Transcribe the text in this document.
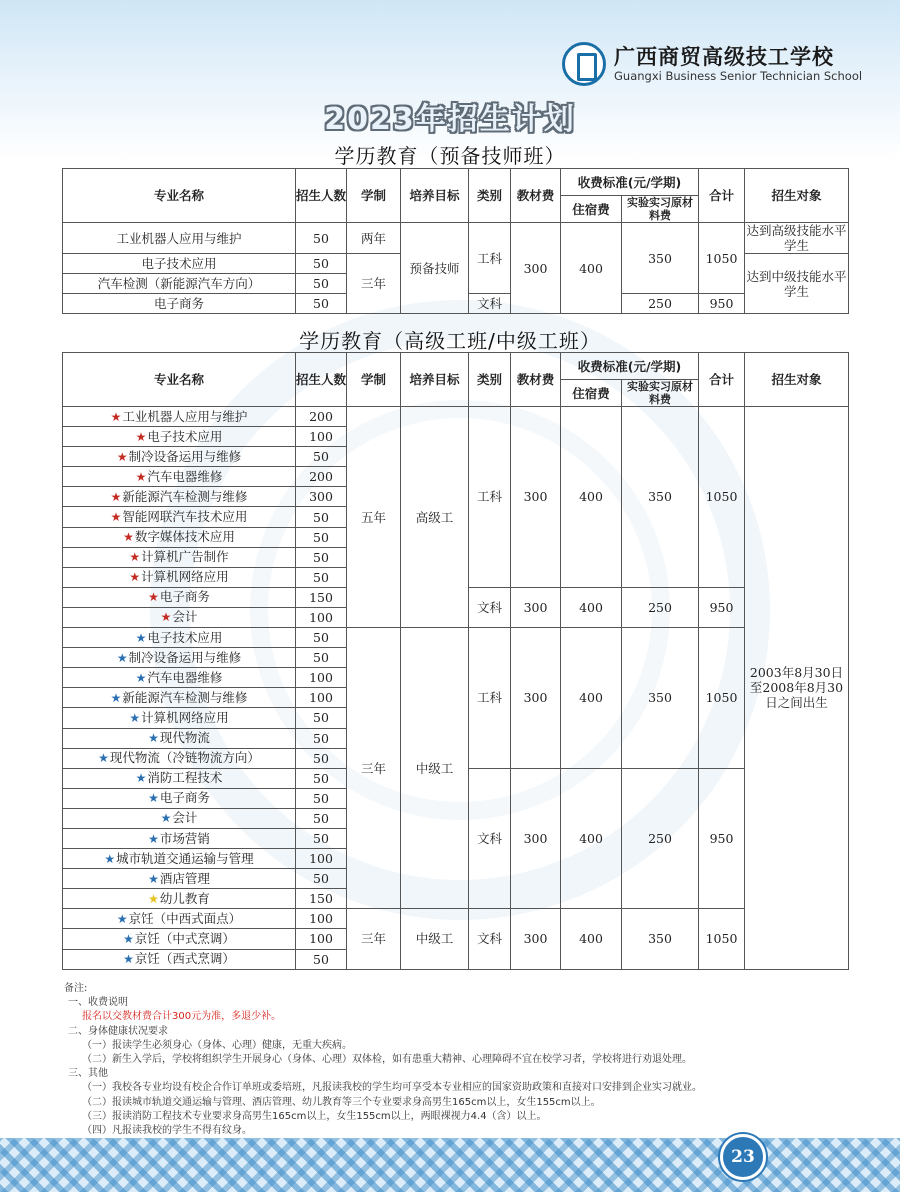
广西商贸高级技工学校
Guangxi Business Senior Technician School
2023年招生计划
学历教育（预备技师班）
专业名称	招生人数	学制	培养目标	类别	教材费	收费标准(元/学期)		合计	招生对象
						住宿费	实验实习原材料费		
工业机器人应用与维护	50	两年	预备技师	工科	300	400	350	1050	达到高级技能水平学生
电子技术应用	50	三年							达到中级技能水平学生
汽车检测（新能源汽车方向）	50								
电子商务	50			文科			250	950	
学历教育（高级工班/中级工班）
专业名称	招生人数	学制	培养目标	类别	教材费	收费标准(元/学期)		合计	招生对象
						住宿费	实验实习原材料费		
★工业机器人应用与维护	200	五年	高级工	工科	300	400	350	1050	2003年8月30日至2008年8月30日之间出生
★电子技术应用	100								
★制冷设备运用与维修	50								
★汽车电器维修	200								
★新能源汽车检测与维修	300								
★智能网联汽车技术应用	50								
★数字媒体技术应用	50								
★计算机广告制作	50								
★计算机网络应用	50								
★电子商务	150			文科	300	400	250	950	
★会计	100								
★电子技术应用	50	三年	中级工	工科	300	400	350	1050	
★制冷设备运用与维修	50								
★汽车电器维修	100								
★新能源汽车检测与维修	100								
★计算机网络应用	50								
★现代物流	50								
★现代物流（冷链物流方向）	50								
★消防工程技术	50			文科	300	400	250	950	
★电子商务	50								
★会计	50								
★市场营销	50								
★城市轨道交通运输与管理	100								
★酒店管理	50								
★幼儿教育	150								
★京饪（中西式面点）	100	三年	中级工	文科	300	400	350	1050	
★京饪（中式烹调）	100								
★京饪（西式烹调）	50								
备注:
一、收费说明
报名以交教材费合计300元为准，多退少补。
二、身体健康状况要求
（一）报读学生必须身心（身体、心理）健康，无重大疾病。
（二）新生入学后，学校将组织学生开展身心（身体、心理）双体检，如有患重大精神、心理障碍不宜在校学习者，学校将进行劝退处理。
三、其他
（一）我校各专业均设有校企合作订单班或委培班，凡报读我校的学生均可享受本专业相应的国家资助政策和直接对口安排到企业实习就业。
（二）报读城市轨道交通运输与管理、酒店管理、幼儿教育等三个专业要求身高男生165cm以上，女生155cm以上。
（三）报读消防工程技术专业要求身高男生165cm以上，女生155cm以上，两眼裸视力4.4（含）以上。
（四）凡报读我校的学生不得有纹身。
23
